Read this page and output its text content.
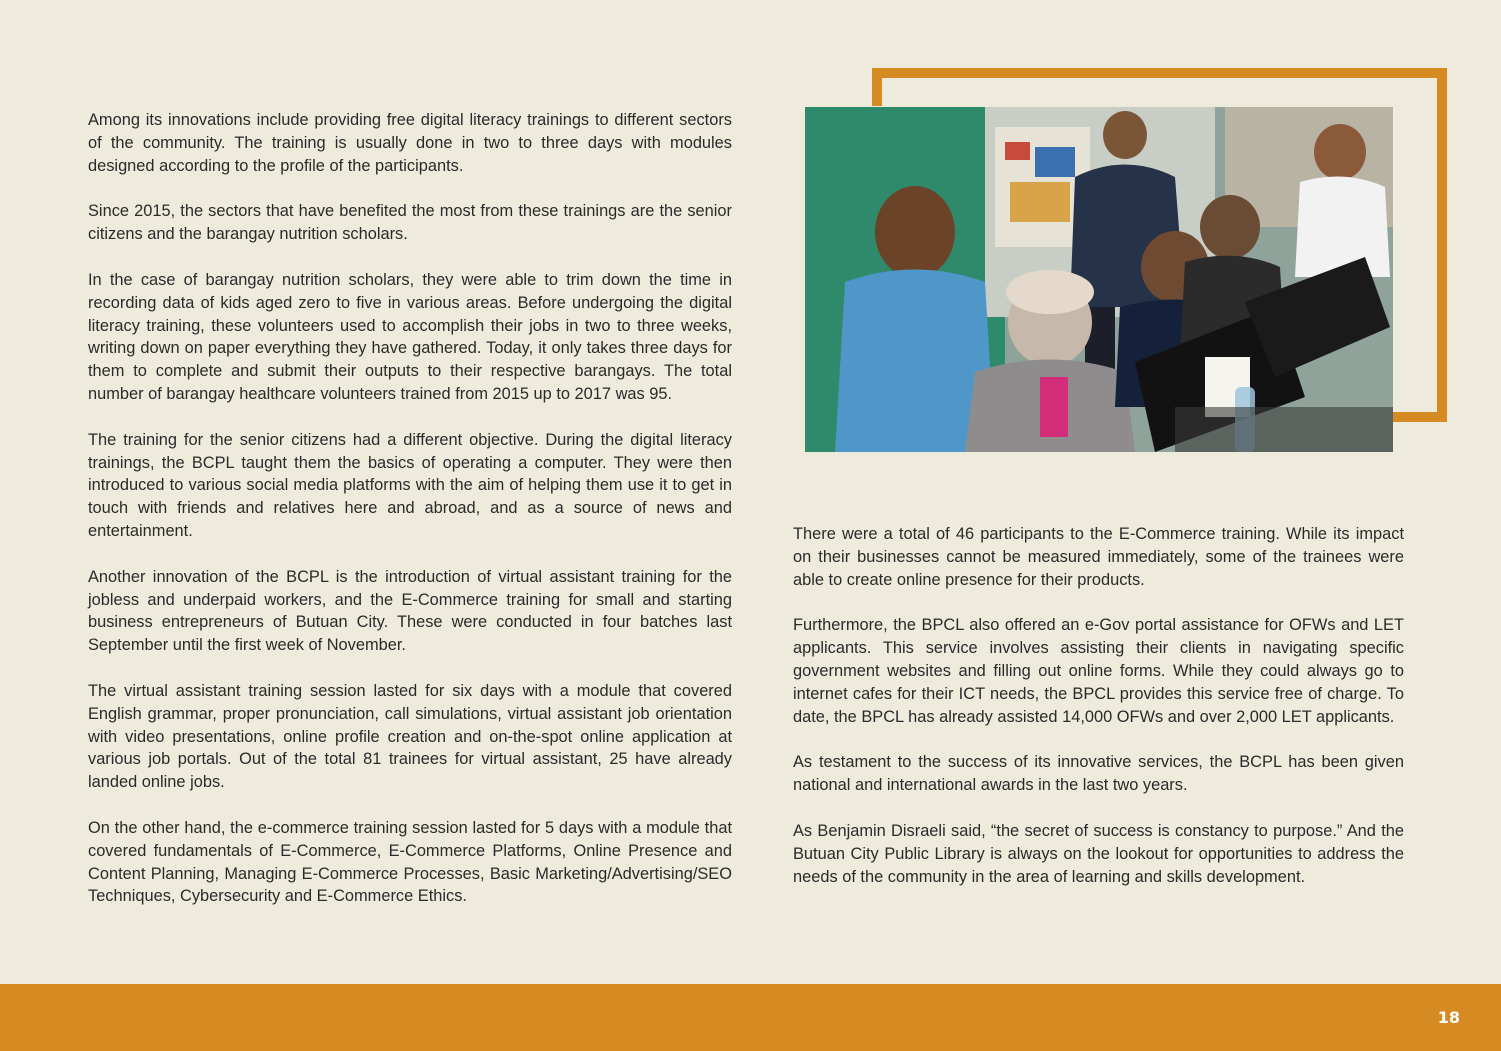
Among its innovations include providing free digital literacy trainings to different sectors of the community. The training is usually done in two to three days with modules designed according to the profile of the participants.

Since 2015, the sectors that have benefited the most from these trainings are the senior citizens and the barangay nutrition scholars.

In the case of barangay nutrition scholars, they were able to trim down the time in recording data of kids aged zero to five in various areas. Before undergoing the digital literacy training, these volunteers used to accomplish their jobs in two to three weeks, writing down on paper everything they have gathered. Today, it only takes three days for them to complete and submit their outputs to their respective barangays. The total number of barangay healthcare volunteers trained from 2015 up to 2017 was 95.

The training for the senior citizens had a different objective. During the digital literacy trainings, the BCPL taught them the basics of operating a computer. They were then introduced to various social media platforms with the aim of helping them use it to get in touch with friends and relatives here and abroad, and as a source of news and entertainment.

Another innovation of the BCPL is the introduction of virtual assistant training for the jobless and underpaid workers, and the E-Commerce training for small and starting business entrepreneurs of Butuan City. These were conducted in four batches last September until the first week of November.

The virtual assistant training session lasted for six days with a module that covered English grammar, proper pronunciation, call simulations, virtual assistant job orientation with video presentations, online profile creation and on-the-spot online application at various job portals. Out of the total 81 trainees for virtual assistant, 25 have already landed online jobs.

On the other hand, the e-commerce training session lasted for 5 days with a module that covered fundamentals of E-Commerce, E-Commerce Platforms, Online Presence and Content Planning, Managing E-Commerce Processes, Basic Marketing/Advertising/SEO Techniques, Cybersecurity and E-Commerce Ethics.

There were a total of 46 participants to the E-Commerce training. While its impact on their businesses cannot be measured immediately, some of the trainees were able to create online presence for their products.

Furthermore, the BPCL also offered an e-Gov portal assistance for OFWs and LET applicants. This service involves assisting their clients in navigating specific government websites and filling out online forms. While they could always go to internet cafes for their ICT needs, the BPCL provides this service free of charge. To date, the BPCL has already assisted 14,000 OFWs and over 2,000 LET applicants.

As testament to the success of its innovative services, the BCPL has been given national and international awards in the last two years.

As Benjamin Disraeli said, “the secret of success is constancy to purpose.” And the Butuan City Public Library is always on the lookout for opportunities to address the needs of the community in the area of learning and skills development.

18
